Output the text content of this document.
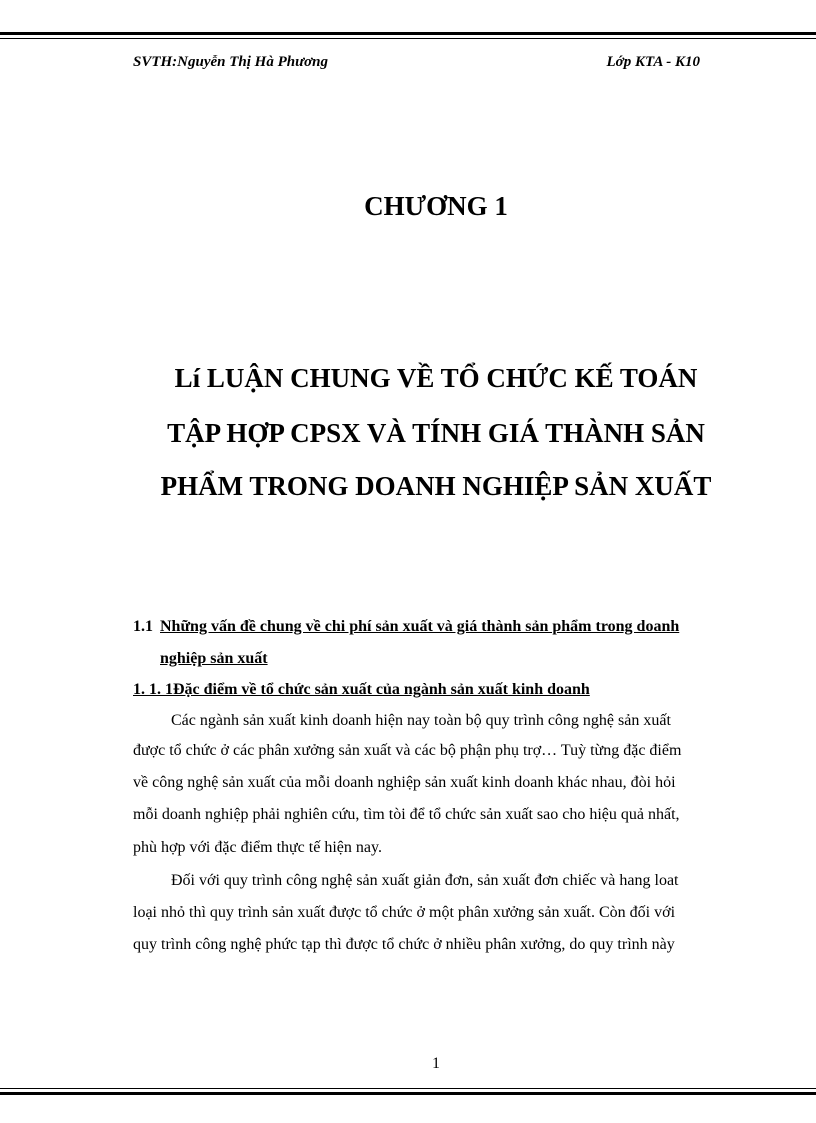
SVTH:Nguyễn Thị Hà Phương	Lớp KTA - K10
CHƯƠNG 1
Lí LUẬN CHUNG VỀ TỔ CHỨC KẾ TOÁN
TẬP HỢP CPSX VÀ TÍNH GIÁ THÀNH SẢN
PHẨM TRONG DOANH NGHIỆP SẢN XUẤT
1.1 Những vấn đề chung về chi phí sản xuất và giá thành sản phẩm trong doanh
nghiệp sản xuất
1. 1. 1Đặc điểm về tổ chức sản xuất của ngành sản xuất kinh doanh
Các ngành sản xuất kinh doanh hiện nay toàn bộ quy trình công nghệ sản xuất
được tổ chức ở các phân xưởng sản xuất và các bộ phận phụ trợ… Tuỳ từng đặc điểm
về công nghệ sản xuất của mỗi doanh nghiệp sản xuất kinh doanh khác nhau, đòi hỏi
mỗi doanh nghiệp phải nghiên cứu, tìm tòi để tổ chức sản xuất sao cho hiệu quả nhất,
phù hợp với đặc điểm thực tế hiện nay.
Đối với quy trình công nghệ sản xuất giản đơn, sản xuất đơn chiếc và hang loat
loại nhỏ thì quy trình sản xuất được tổ chức ở một phân xưởng sản xuất. Còn đối với
quy trình công nghệ phức tạp thì được tổ chức ở nhiều phân xưởng, do quy trình này
1
